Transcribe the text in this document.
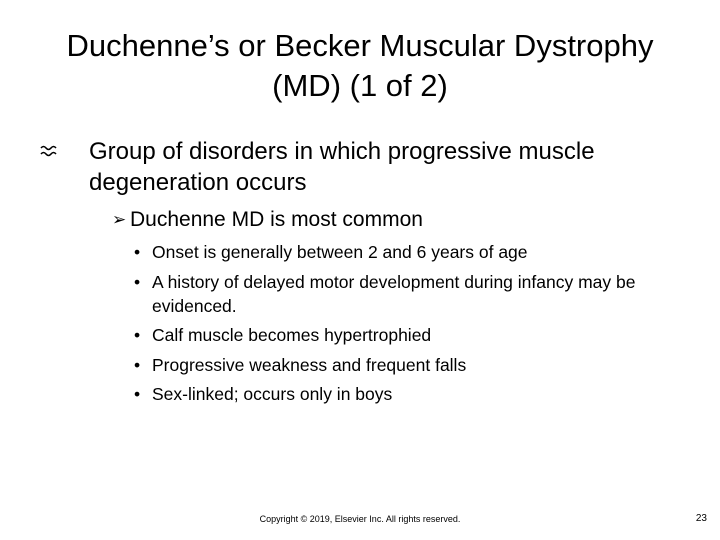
Duchenne’s or Becker Muscular Dystrophy (MD) (1 of 2)
Group of disorders in which progressive muscle degeneration occurs
➢ Duchenne MD is most common
• Onset is generally between 2 and 6 years of age
• A history of delayed motor development during infancy may be evidenced.
• Calf muscle becomes hypertrophied
• Progressive weakness and frequent falls
• Sex-linked; occurs only in boys
Copyright © 2019, Elsevier Inc. All rights reserved.	23
